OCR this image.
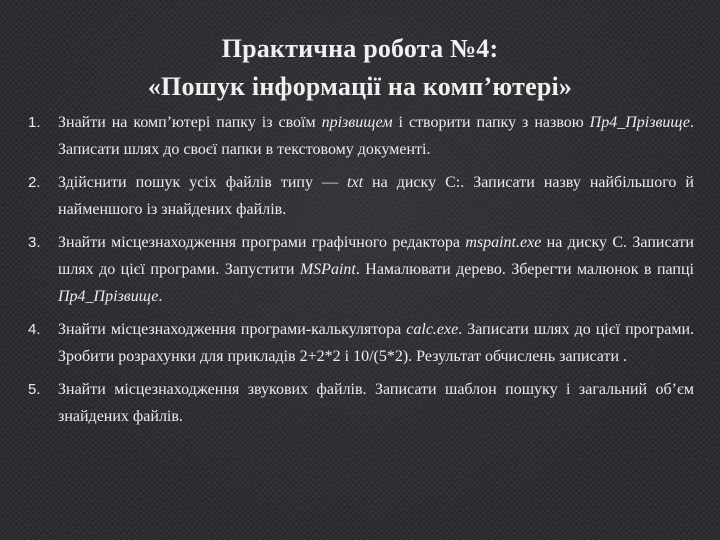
Практична робота №4:
«Пошук інформації на комп’ютері»
1.	Знайти на комп’ютері папку із своїм прізвищем і створити папку з назвою Пр4_Прізвище. Записати шлях до своєї папки в текстовому документі.
2.	Здійснити пошук усіх файлів типу — txt на диску С:. Записати назву найбільшого й найменшого із знайдених файлів.
3.	Знайти місцезнаходження програми графічного редактора mspaint.exe на диску С. Записати шлях до цієї програми. Запустити MSPaint. Намалювати дерево. Зберегти малюнок в папці Пр4_Прізвище.
4.	Знайти місцезнаходження програми-калькулятора calc.exe. Записати шлях до цієї програми. Зробити розрахунки для прикладів 2+2*2 і 10/(5*2). Результат обчислень записати .
5.	Знайти місцезнаходження звукових файлів. Записати шаблон пошуку і загальний об’єм знайдених файлів.
